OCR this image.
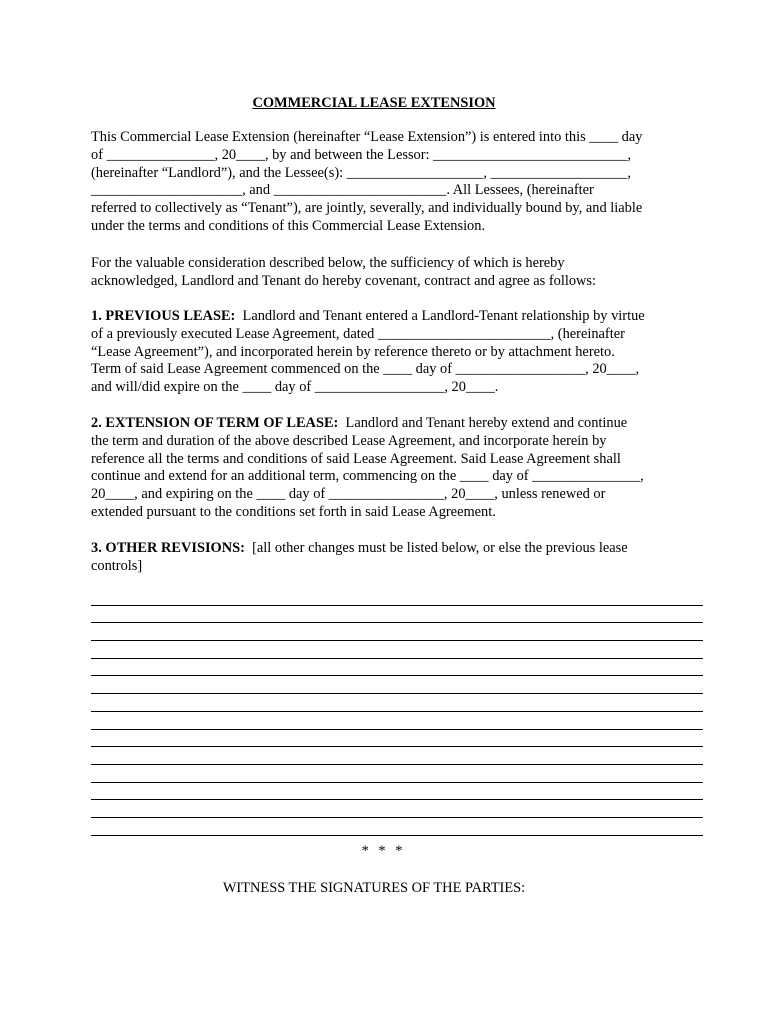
COMMERCIAL LEASE EXTENSION
This Commercial Lease Extension (hereinafter “Lease Extension”) is entered into this ____ day
of _______________, 20____, by and between the Lessor: ___________________________,
(hereinafter “Landlord”), and the Lessee(s): ___________________, ___________________,
_____________________, and ________________________. All Lessees, (hereinafter
referred to collectively as “Tenant”), are jointly, severally, and individually bound by, and liable
under the terms and conditions of this Commercial Lease Extension.
For the valuable consideration described below, the sufficiency of which is hereby
acknowledged, Landlord and Tenant do hereby covenant, contract and agree as follows:
1. PREVIOUS LEASE:  Landlord and Tenant entered a Landlord-Tenant relationship by virtue
of a previously executed Lease Agreement, dated ________________________, (hereinafter
“Lease Agreement”), and incorporated herein by reference thereto or by attachment hereto.
Term of said Lease Agreement commenced on the ____ day of __________________, 20____,
and will/did expire on the ____ day of __________________, 20____.
2. EXTENSION OF TERM OF LEASE:  Landlord and Tenant hereby extend and continue
the term and duration of the above described Lease Agreement, and incorporate herein by
reference all the terms and conditions of said Lease Agreement. Said Lease Agreement shall
continue and extend for an additional term, commencing on the ____ day of _______________,
20____, and expiring on the ____ day of ________________, 20____, unless renewed or
extended pursuant to the conditions set forth in said Lease Agreement.
3. OTHER REVISIONS:  [all other changes must be listed below, or else the previous lease
controls]
* * *
WITNESS THE SIGNATURES OF THE PARTIES:
